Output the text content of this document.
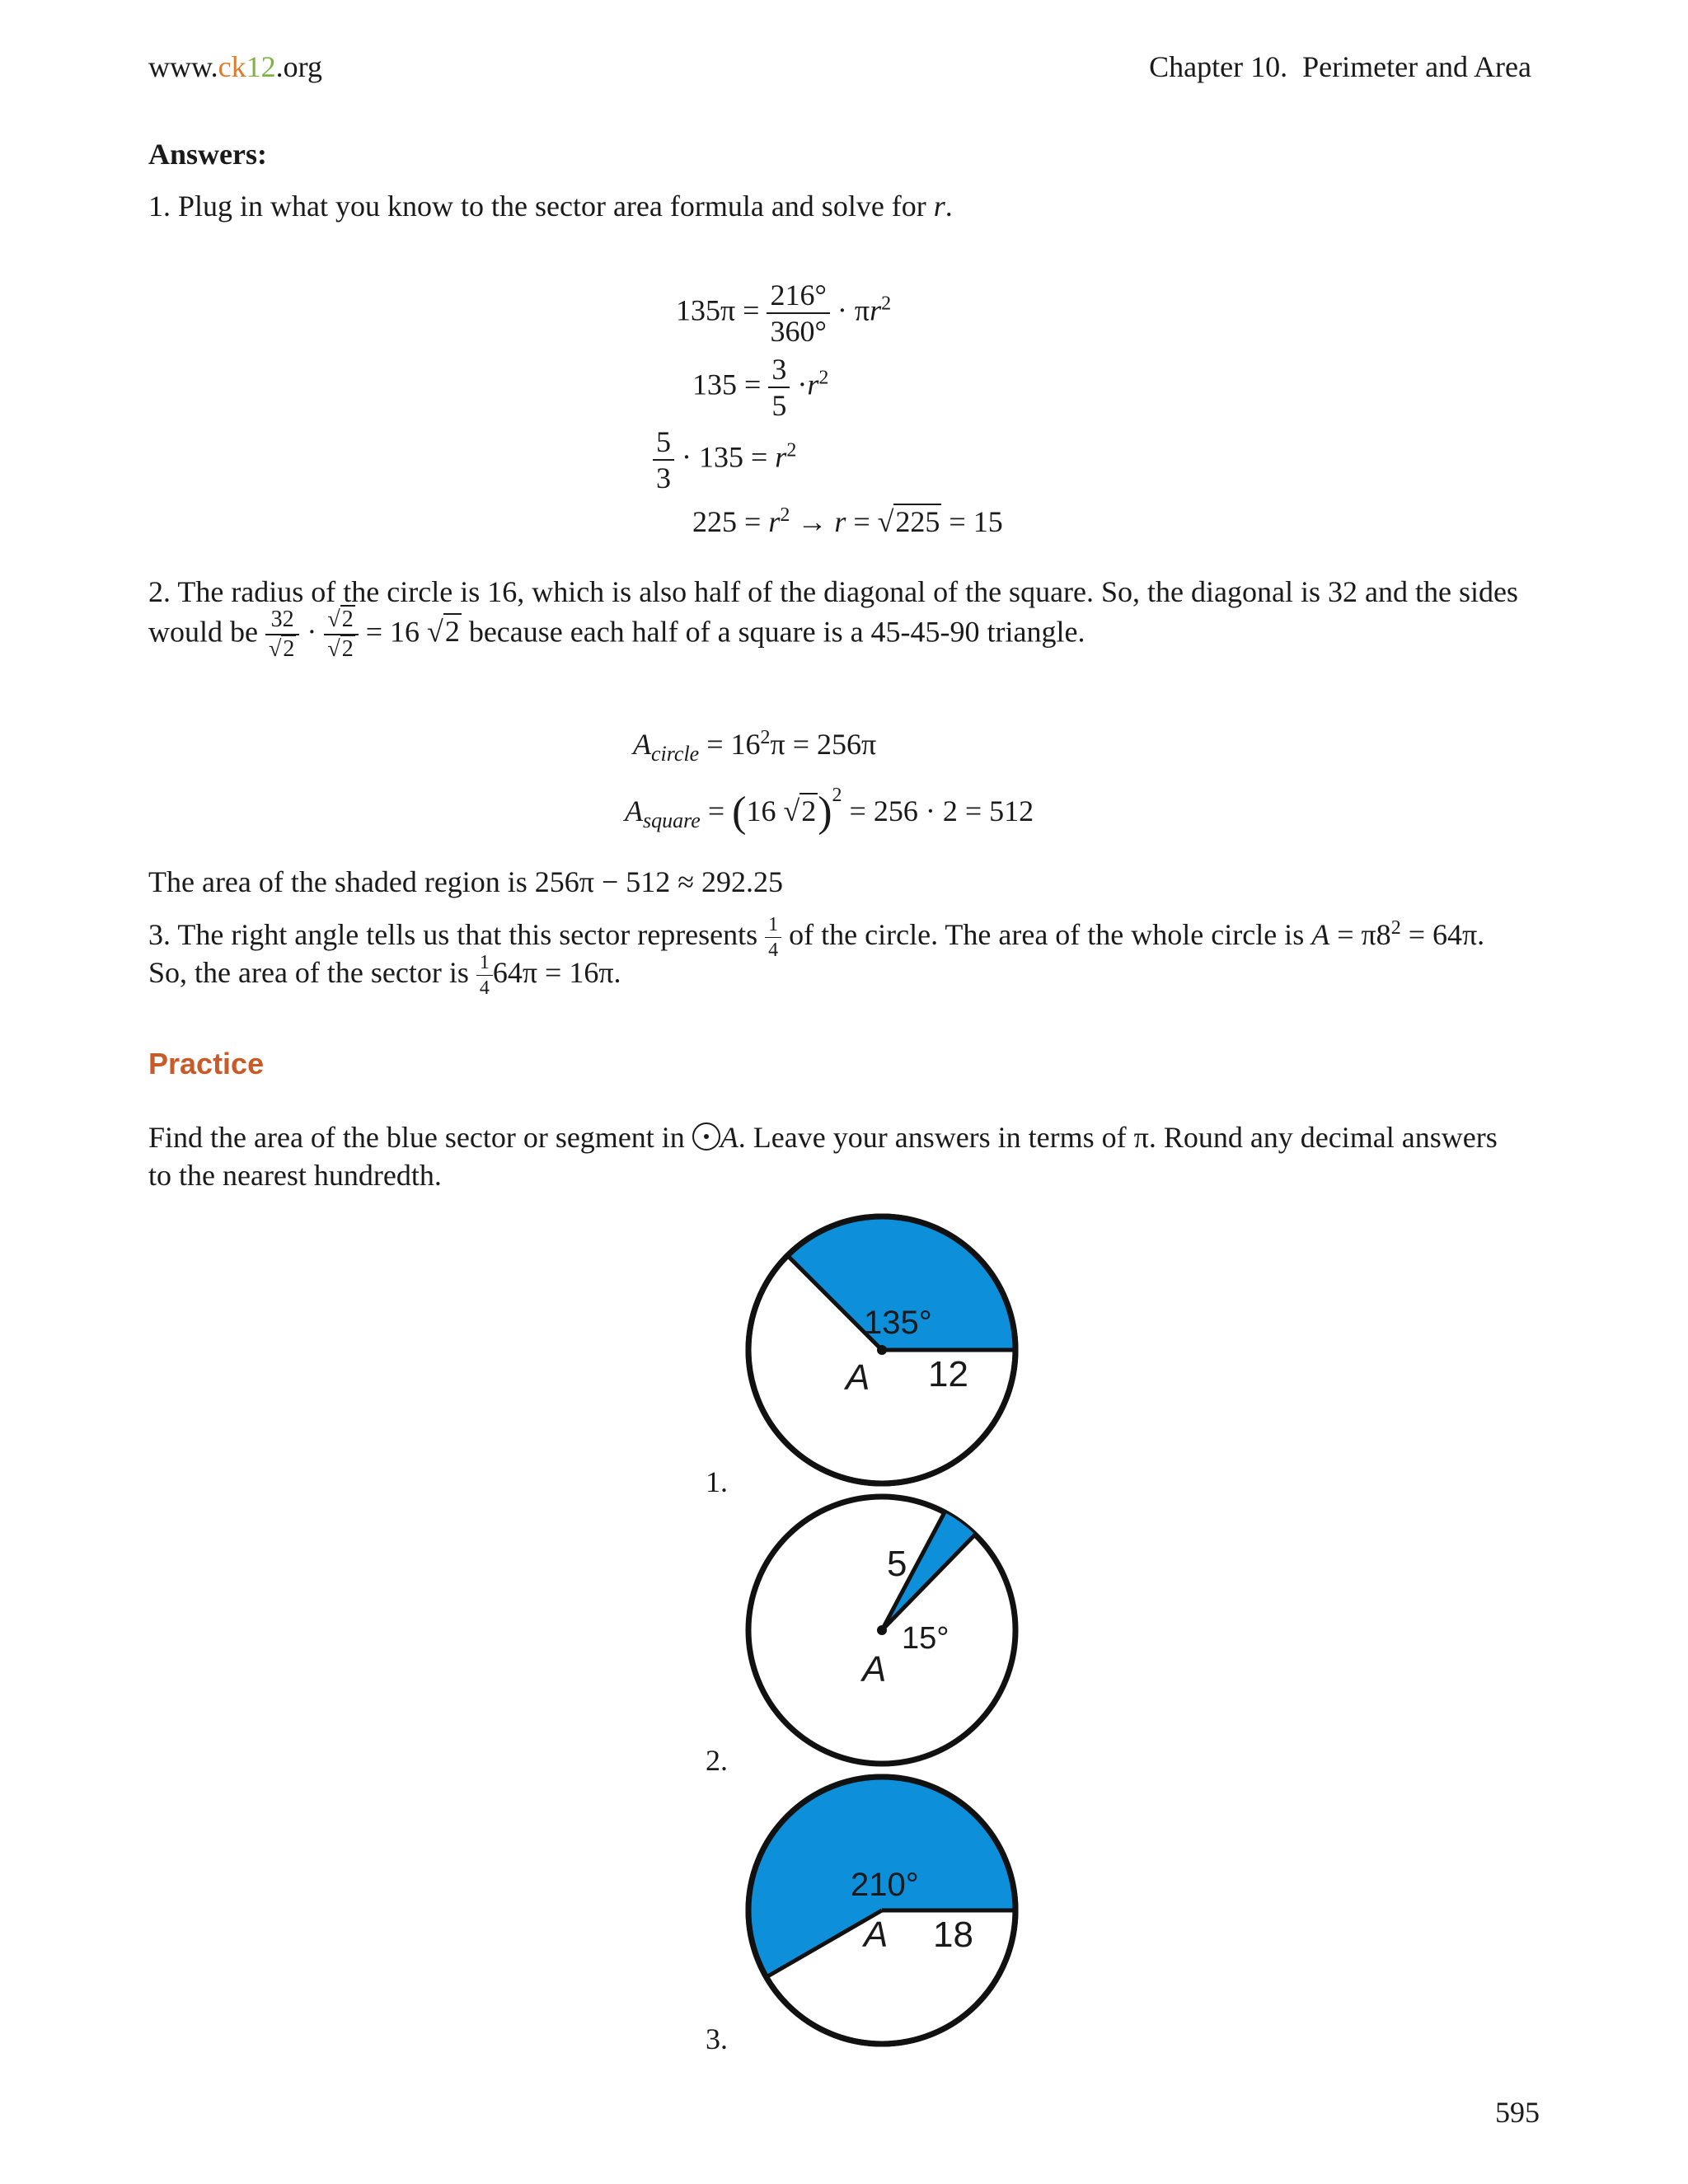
www.ck12.org	Chapter 10. Perimeter and Area
Answers:
1. Plug in what you know to the sector area formula and solve for r.
$135\pi = \frac{216^\circ}{360^\circ} \cdot \pi r^2$
$135 = \frac{3}{5} \cdot r^2$
$\frac{5}{3} \cdot 135 = r^2$
$225 = r^2 \to r = √225 = 15$
2. The radius of the circle is 16, which is also half of the diagonal of the square. So, the diagonal is 32 and the sides
would be $\frac{32}{√2} \cdot \frac{√2}{√2} = 16$ √2 because each half of a square is a 45-45-90 triangle.
$A_{circle} = 16^2\pi = 256\pi$
$A_{square} = (16$ √2)$^2$ = 256 · 2 = 512
The area of the shaded region is 256π − 512 ≈ 292.25
3. The right angle tells us that this sector represents $\frac{1}{4}$ of the circle. The area of the whole circle is $A = \pi 8^2 = 64\pi$.
So, the area of the sector is $\frac{1}{4} 64\pi = 16\pi$.
Practice
Find the area of the blue sector or segment in A. Leave your answers in terms of π. Round any decimal answers
to the nearest hundredth.
135°
A 12
1.
5
15°
A
2.
210°
A 18
3.
595
